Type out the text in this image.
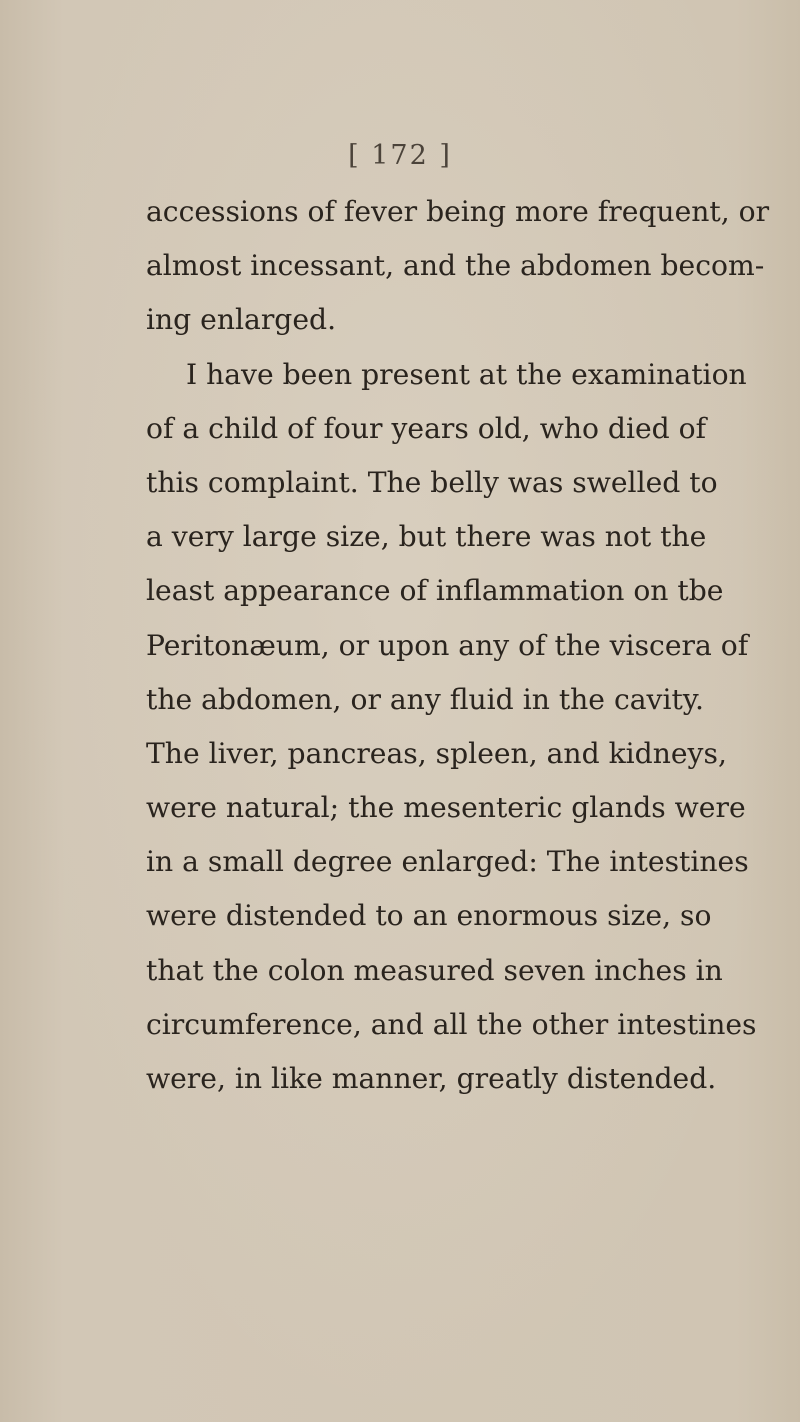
[ 172 ]
accessions of fever being more frequent, or
almost incessant, and the abdomen becom-
ing enlarged.
I have been present at the examination
of a child of four years old, who died of
this complaint. The belly was swelled to
a very large size, but there was not the
least appearance of inflammation on tbe
Peritonæum, or upon any of the viscera of
the abdomen, or any fluid in the cavity.
The liver, pancreas, spleen, and kidneys,
were natural; the mesenteric glands were
in a small degree enlarged: The intestines
were distended to an enormous size, so
that the colon measured seven inches in
circumference, and all the other intestines
were, in like manner, greatly distended.
